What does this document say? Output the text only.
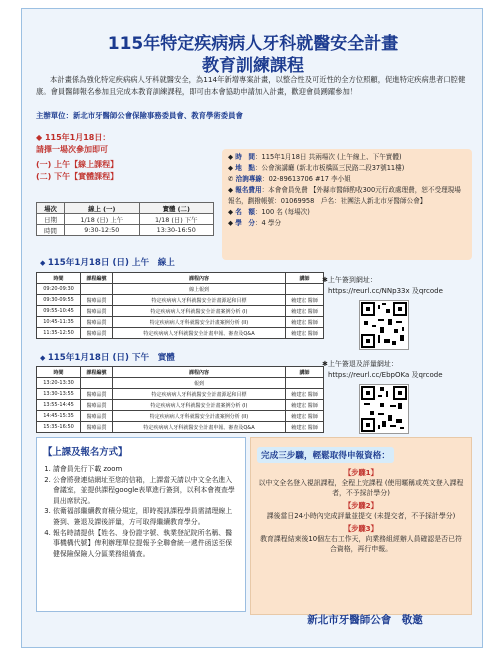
115年特定疾病病人牙科就醫安全計畫
教育訓練課程
本計畫係為強化特定疾病病人牙科就醫安全，為114年新增專案計畫，以整合性及可近性的全方位照顧，促進特定疾病患者口腔健康。會員醫師報名參加且完成本教育訓練課程，即可由本會協助申請加入計畫，歡迎會員踴躍參加！
主辦單位：新北市牙醫師公會保險事務委員會、教育學術委員會
◆ 115年1月18日：
請擇一場次參加即可
(一) 上午【線上課程】
(二) 下午【實體課程】
場次	線上 (一)	實體 (二)
日期	1/18 (日) 上午	1/18 (日) 下午
時間	9:30-12:50	13:30-16:50
◆ 時　間：115年1月18日 共兩場次 (上午線上、下午實體)
◆ 地　點：公會演講廳 (新北市板橋區三民路二段37號11樓)
✆ 洽詢專線：02-89613706 #17 李小姐
◆ 報名費用：本會會員免費 【外縣市醫師酌收300元行政處理費，恕不受理現場報名，劃撥帳號：01069958　戶名：社團法人新北市牙醫師公會】
◆ 名　額：100 名 (每場次)
◆ 學　分：4 學分
◆ 115年1月18日 (日) 上午　線上
時間	課程編號	課程內容	講師
09:20-09:30		線上報到	
09:30-09:55	醫療品質	特定疾病病人牙科就醫安全計畫源起和目標	賴建宏 醫師
09:55-10:45	醫療品質	特定疾病病人牙科就醫安全計畫案例分析 (I)	賴建宏 醫師
10:45-11:35	醫療品質	特定疾病病人牙科就醫安全計畫案例分析 (II)	賴建宏 醫師
11:35-12:50	醫療品質	特定疾病病人牙科就醫安全計畫申報、審查及Q&A	賴建宏 醫師
✱上午簽到網址：
https://reurl.cc/NNp33x 及qrcode
◆ 115年1月18日 (日) 下午　實體
時間	課程編號	課程內容	講師
13:20-13:30		報到	
13:30-13:55	醫療品質	特定疾病病人牙科就醫安全計畫源起和目標	賴建宏 醫師
13:55-14:45	醫療品質	特定疾病病人牙科就醫安全計畫案例分析 (I)	賴建宏 醫師
14:45-15:35	醫療品質	特定疾病病人牙科就醫安全計畫案例分析 (II)	賴建宏 醫師
15:35-16:50	醫療品質	特定疾病病人牙科就醫安全計畫申報、審查及Q&A	賴建宏 醫師
✱上午簽退及評量網址：
https://reurl.cc/EbpOKa 及qrcode
【上課及報名方式】
1. 請會員先行下載 zoom
2. 公會將發連結網址至您的信箱，上課當天請以中文全名進入會議室，並提供課程google表單進行簽到，以利本會複查學員出席狀況。
3. 依衛福部繼續教育積分規定，即時視訊課程學員需請理線上簽到、簽退及課後評量，方可取得繼續教育學分。
4. 報名時請提供【姓名、身份證字號、執業登記院所名稱、醫事機構代號】俾利辦理單位提報予全聯會統一遞件函送至保健保險保險人分區業務組備查。
完成三步驟，輕鬆取得申報資格：
【步驟1】
以中文全名登入視訊課程，全程上完課程 (使用暱稱或英文登入課程者，不予採計學分)
【步驟2】
課後當日24小時內完成評量並提交 (未提交者，不予採計學分)
【步驟3】
教育課程結束後10個左右工作天，向業務組經辦人員確認是否已符合資格，再行申報。
新北市牙醫師公會　敬邀
